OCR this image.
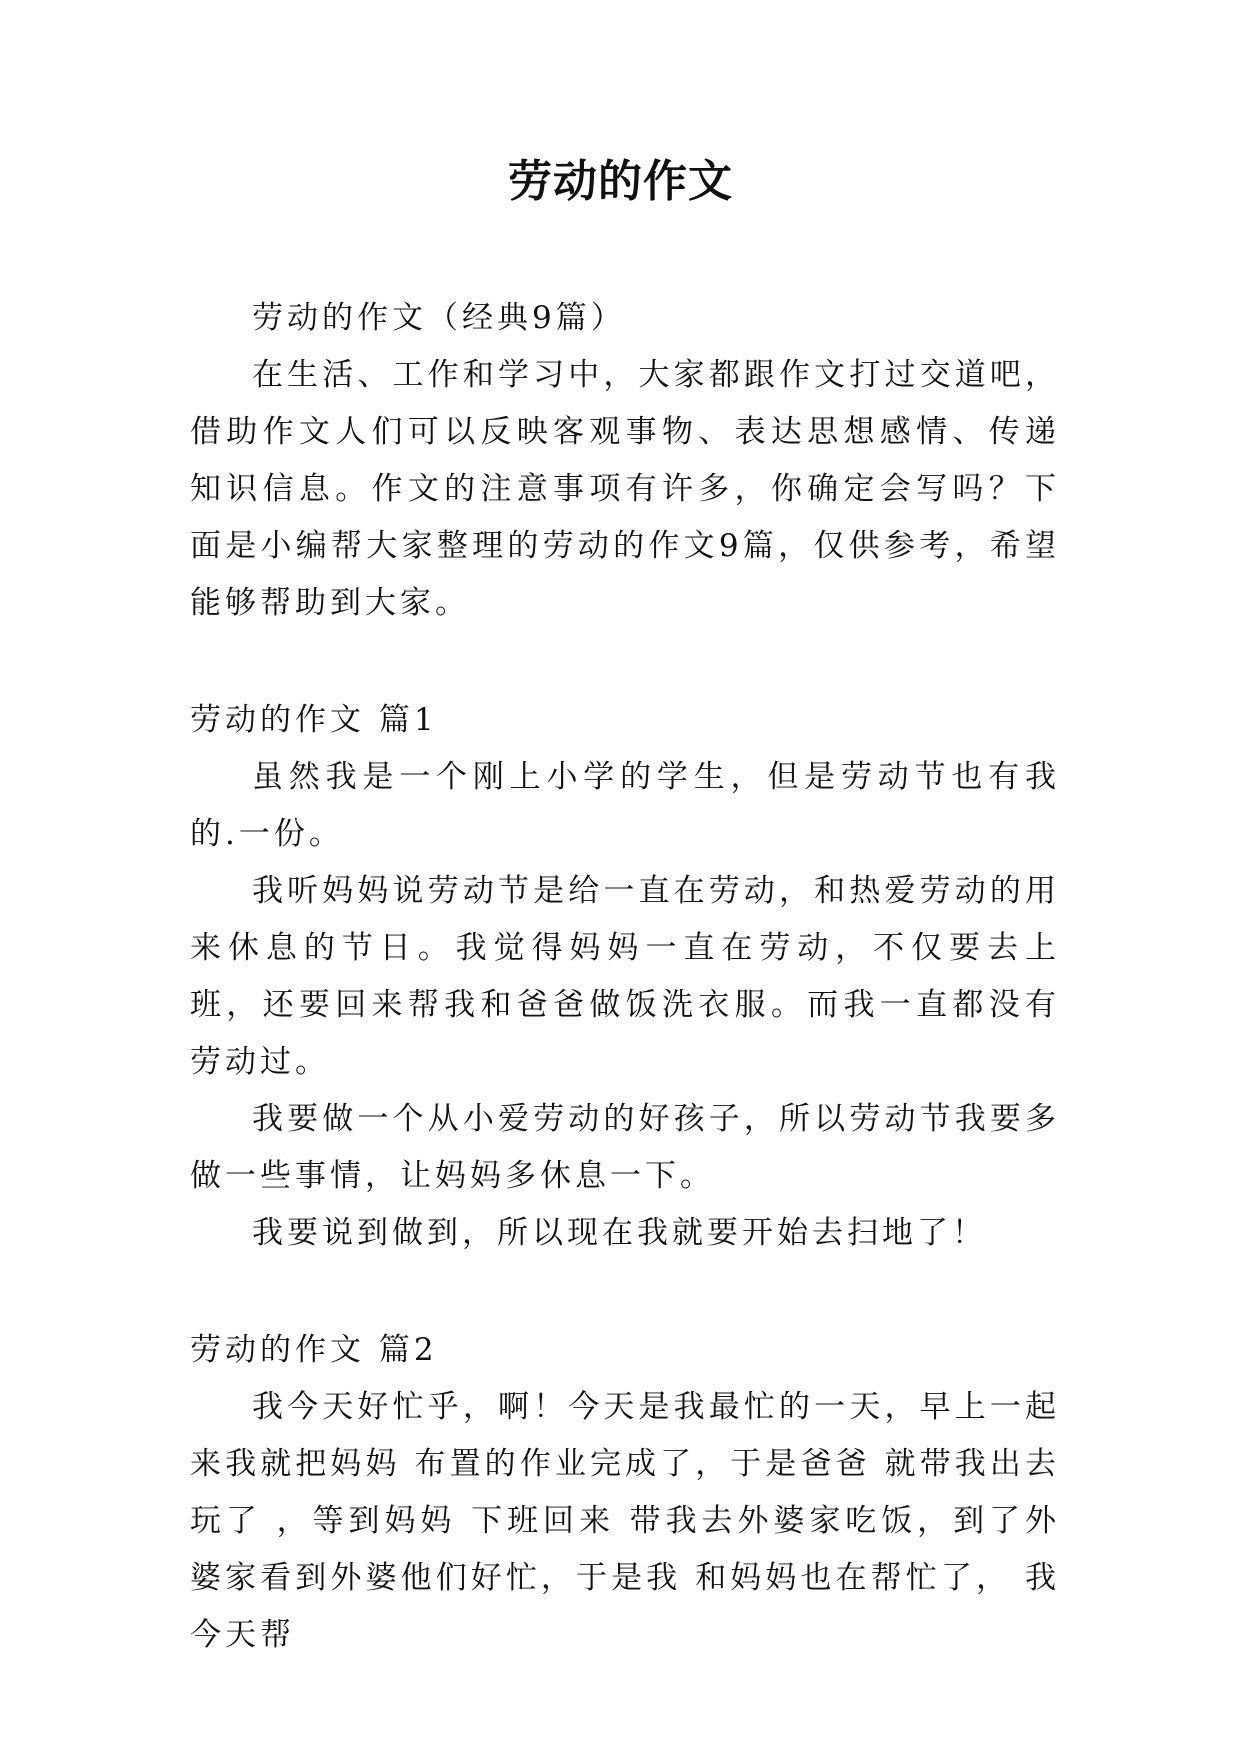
劳动的作文

劳动的作文（经典9篇）

在生活、工作和学习中，大家都跟作文打过交道吧，借助作文人们可以反映客观事物、表达思想感情、传递知识信息。作文的注意事项有许多，你确定会写吗？下面是小编帮大家整理的劳动的作文9篇，仅供参考，希望能够帮助到大家。

劳动的作文 篇1

虽然我是一个刚上小学的学生，但是劳动节也有我的.一份。

我听妈妈说劳动节是给一直在劳动，和热爱劳动的用来休息的节日。我觉得妈妈一直在劳动，不仅要去上班，还要回来帮我和爸爸做饭洗衣服。而我一直都没有劳动过。

我要做一个从小爱劳动的好孩子，所以劳动节我要多做一些事情，让妈妈多休息一下。

我要说到做到，所以现在我就要开始去扫地了！

劳动的作文 篇2

我今天好忙乎，啊！今天是我最忙的一天，早上一起来我就把妈妈 布置的作业完成了，于是爸爸 就带我出去 玩了 ，等到妈妈 下班回来 带我去外婆家吃饭，到了外婆家看到外婆他们好忙，于是我 和妈妈也在帮忙了， 我今天帮
